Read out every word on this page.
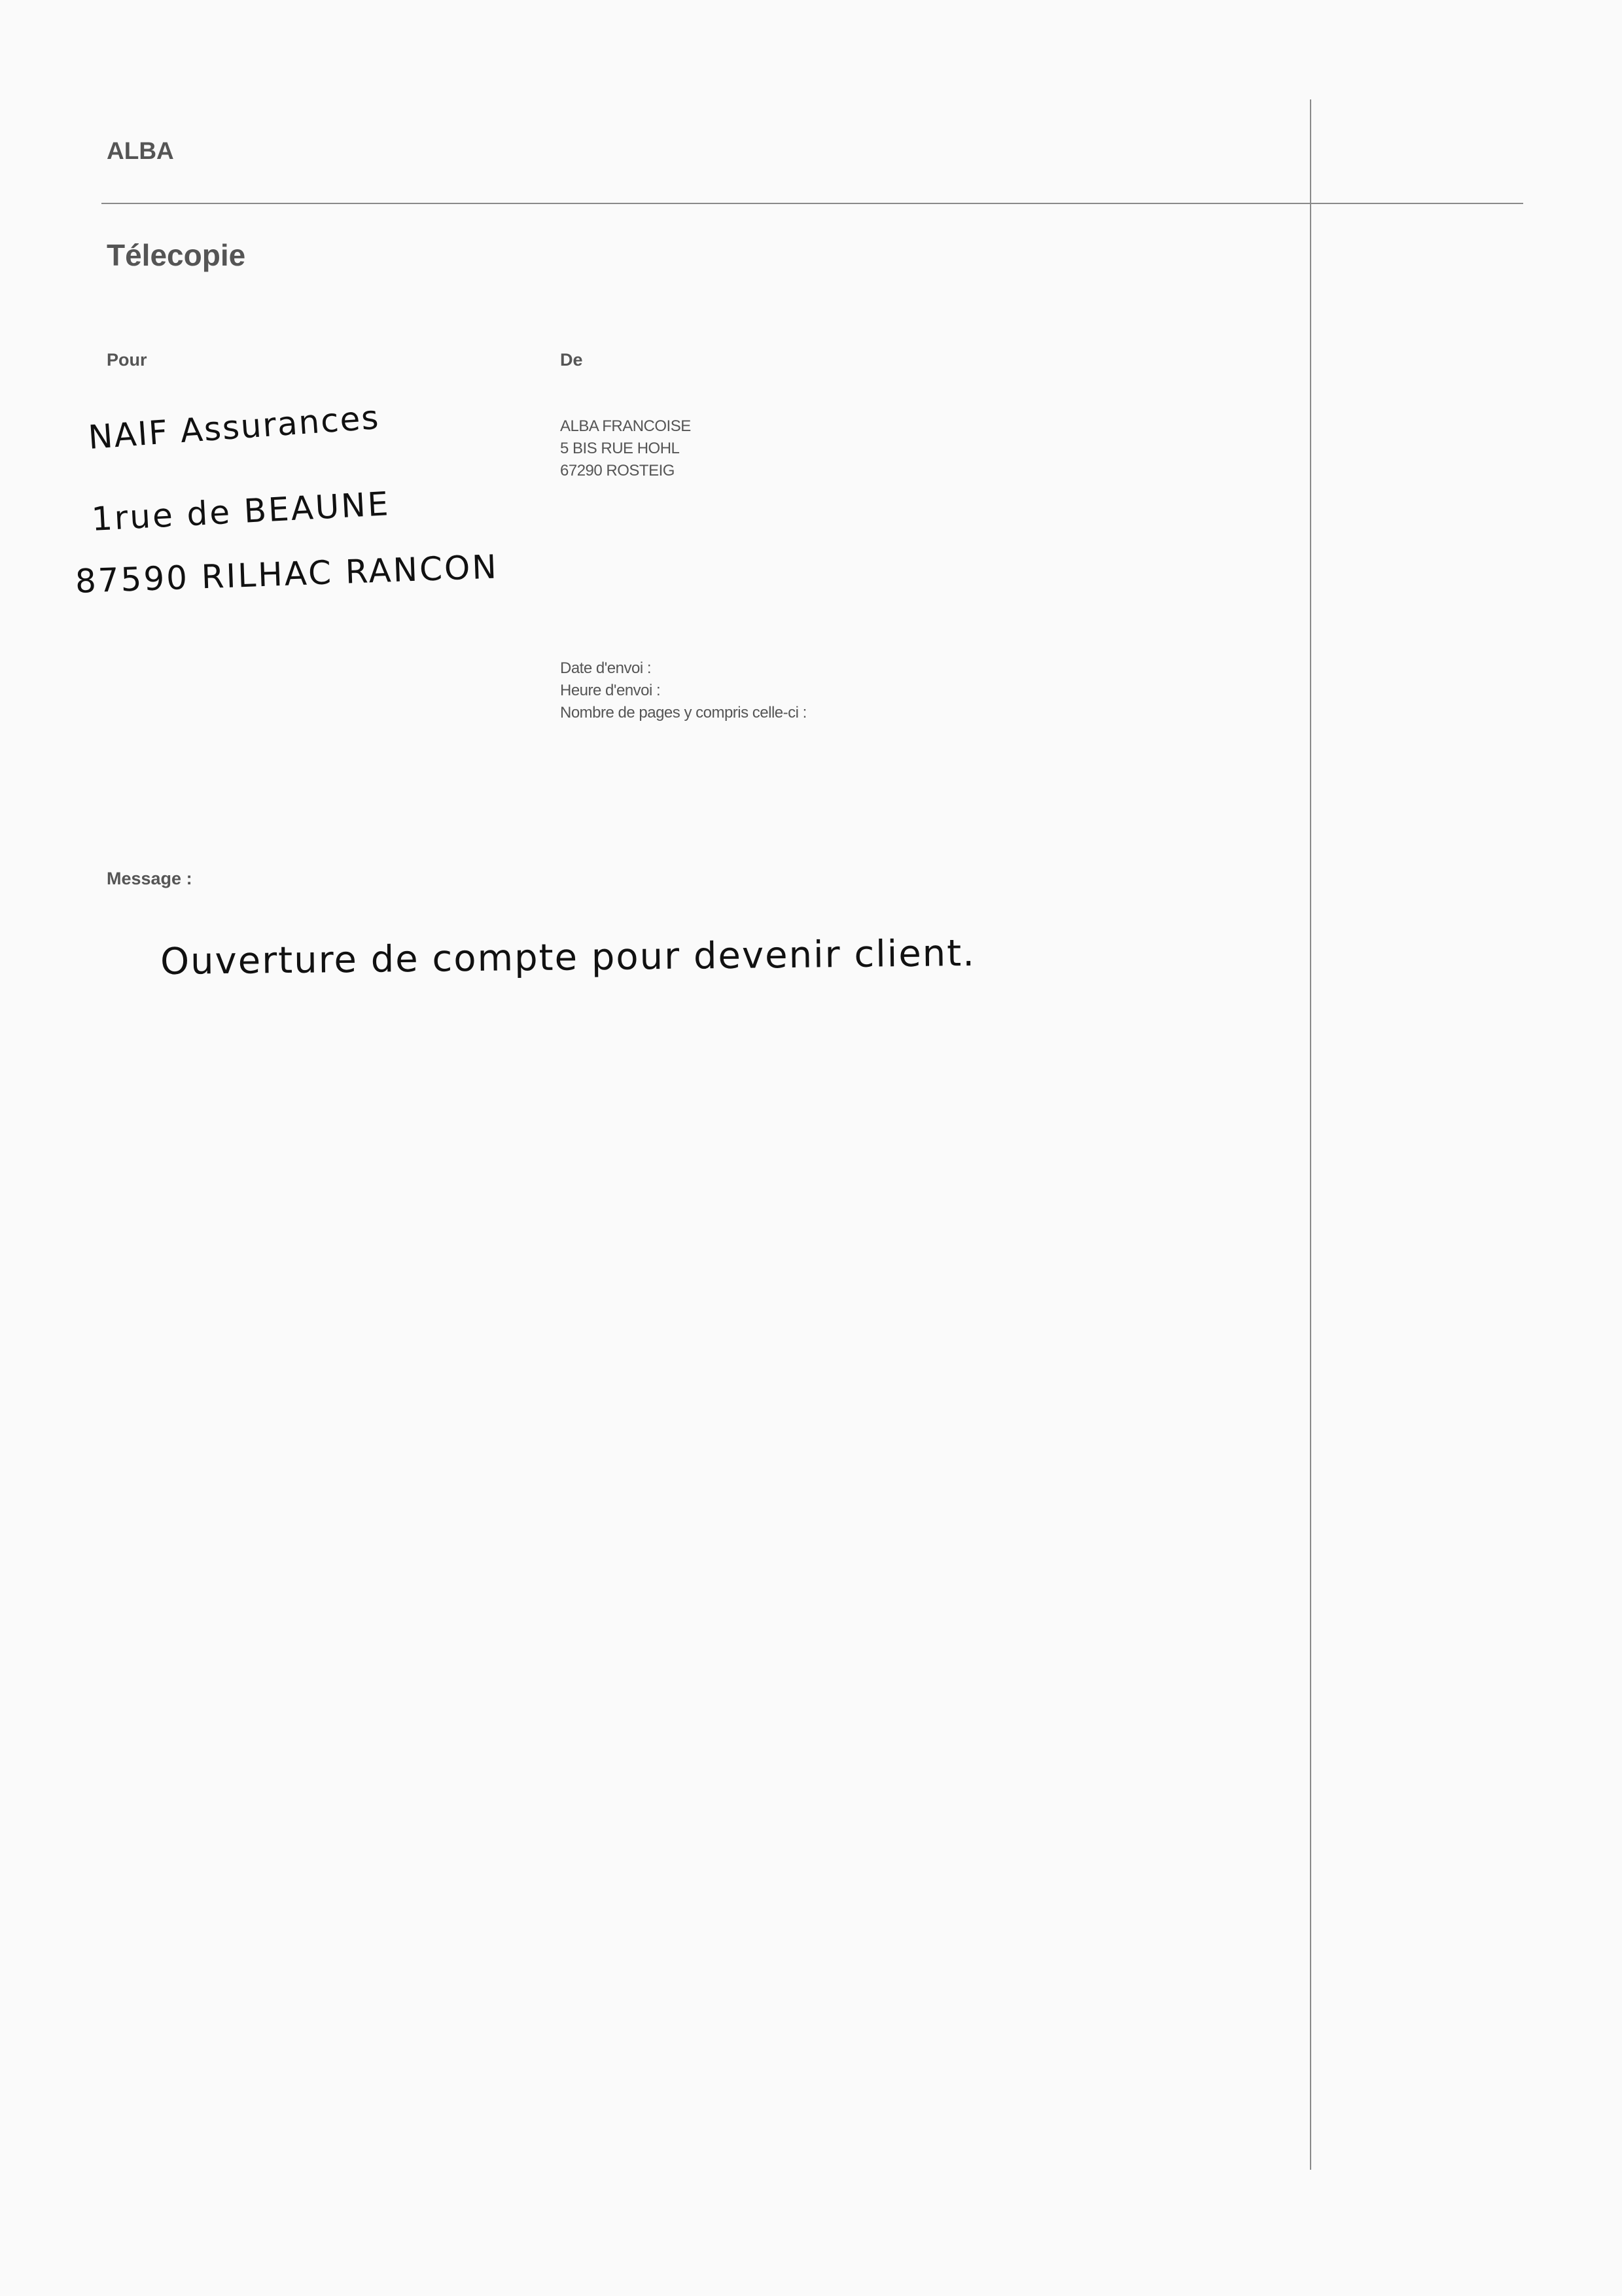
ALBA
Télecopie
Pour	De
NAIF Assurances
1rue de BEAUNE
87590 RILHAC RANCON
ALBA FRANCOISE
5 BIS RUE HOHL
67290 ROSTEIG
Date d'envoi :
Heure d'envoi :
Nombre de pages y compris celle-ci :
Message :
Ouverture de compte pour devenir client.
